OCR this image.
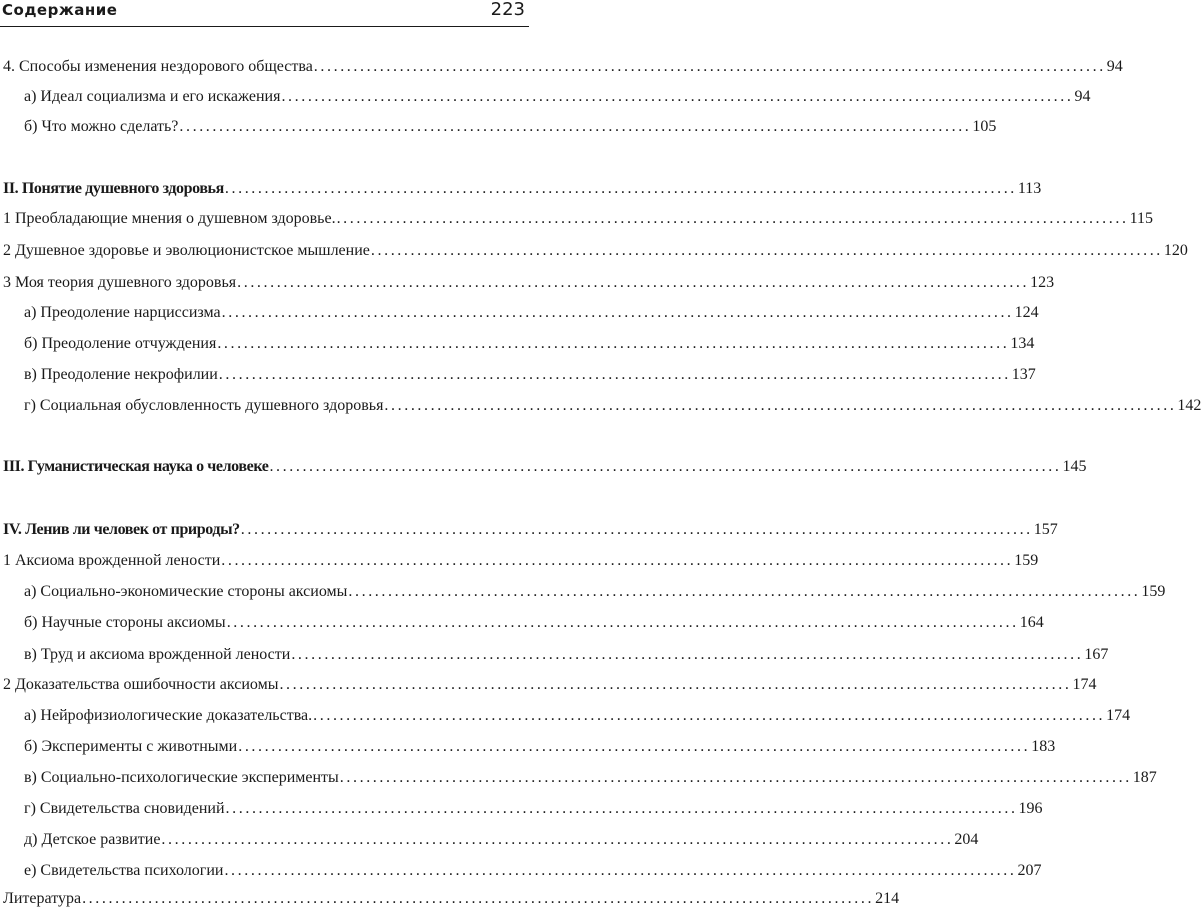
Содержание	223
4. Способы изменения нездорового общества ........................................................................................................................ 94
а) Идеал социализма и его искажения ........................................................................................................................ 94
б) Что можно сделать? ........................................................................................................................ 105
II. Понятие душевного здоровья ........................................................................................................................ 113
1 Преобладающие мнения о душевном здоровье. ........................................................................................................................ 115
2 Душевное здоровье и эволюционистское мышление ........................................................................................................................ 120
3 Моя теория душевного здоровья ........................................................................................................................ 123
а) Преодоление нарциссизма ........................................................................................................................ 124
б) Преодоление отчуждения ........................................................................................................................ 134
в) Преодоление некрофилии ........................................................................................................................ 137
г) Социальная обусловленность душевного здоровья ........................................................................................................................ 142
III. Гуманистическая наука о человеке ........................................................................................................................ 145
IV. Ленив ли человек от природы? ........................................................................................................................ 157
1 Аксиома врожденной лености ........................................................................................................................ 159
а) Социально-экономические стороны аксиомы ........................................................................................................................ 159
б) Научные стороны аксиомы ........................................................................................................................ 164
в) Труд и аксиома врожденной лености ........................................................................................................................ 167
2 Доказательства ошибочности аксиомы ........................................................................................................................ 174
а) Нейрофизиологические доказательства. ........................................................................................................................ 174
б) Эксперименты с животными ........................................................................................................................ 183
в) Социально-психологические эксперименты ........................................................................................................................ 187
г) Свидетельства сновидений ........................................................................................................................ 196
д) Детское развитие ........................................................................................................................ 204
е) Свидетельства психологии ........................................................................................................................ 207
Литература ........................................................................................................................ 214
